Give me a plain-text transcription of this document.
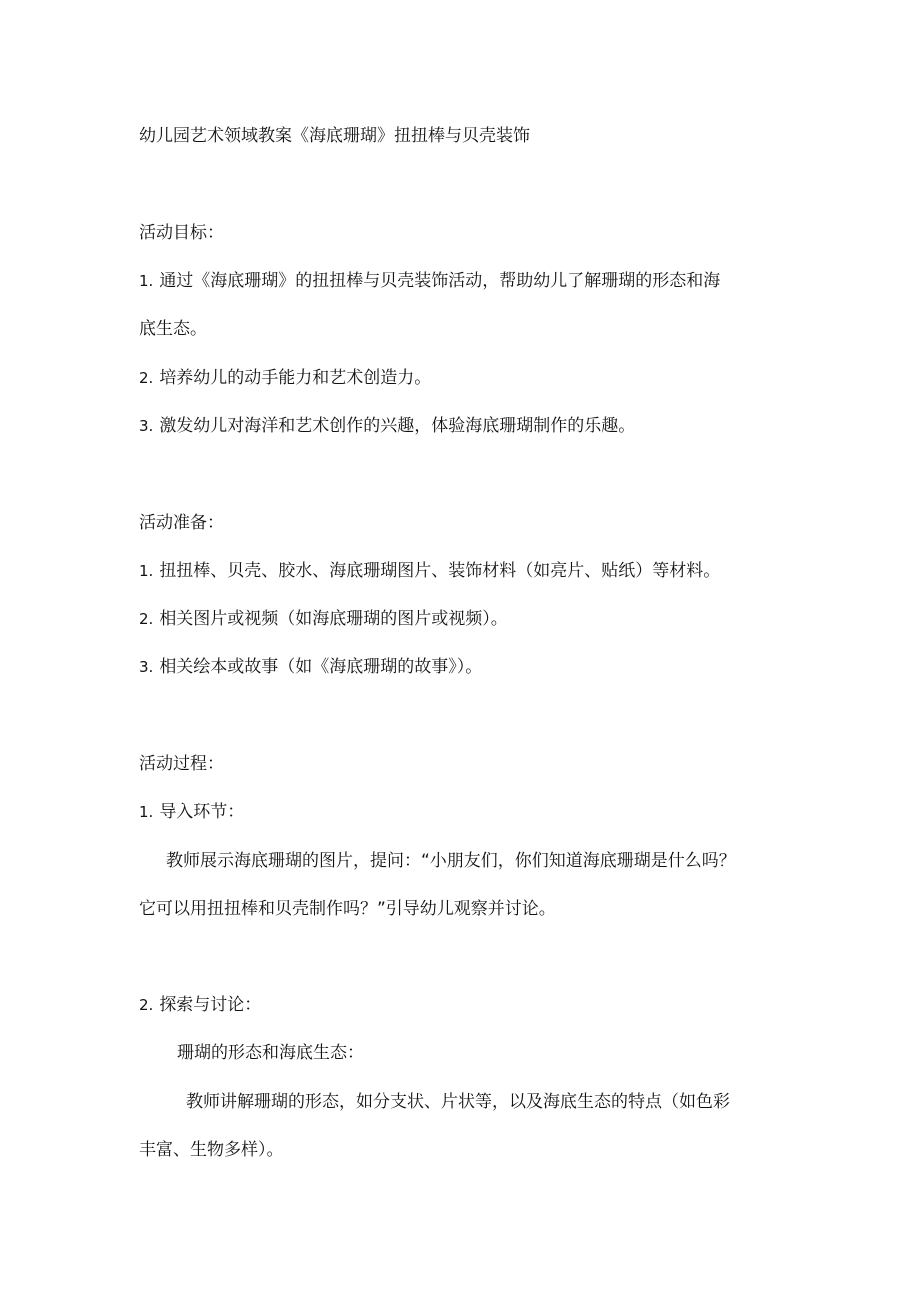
幼儿园艺术领域教案《海底珊瑚》扭扭棒与贝壳装饰
活动目标：
1. 通过《海底珊瑚》的扭扭棒与贝壳装饰活动，帮助幼儿了解珊瑚的形态和海
底生态。
2. 培养幼儿的动手能力和艺术创造力。
3. 激发幼儿对海洋和艺术创作的兴趣，体验海底珊瑚制作的乐趣。
活动准备：
1. 扭扭棒、贝壳、胶水、海底珊瑚图片、装饰材料（如亮片、贴纸）等材料。
2. 相关图片或视频（如海底珊瑚的图片或视频）。
3. 相关绘本或故事（如《海底珊瑚的故事》）。
活动过程：
1. 导入环节：
教师展示海底珊瑚的图片，提问：“小朋友们，你们知道海底珊瑚是什么吗？
它可以用扭扭棒和贝壳制作吗？”引导幼儿观察并讨论。
2. 探索与讨论：
珊瑚的形态和海底生态：
教师讲解珊瑚的形态，如分支状、片状等，以及海底生态的特点（如色彩
丰富、生物多样）。
